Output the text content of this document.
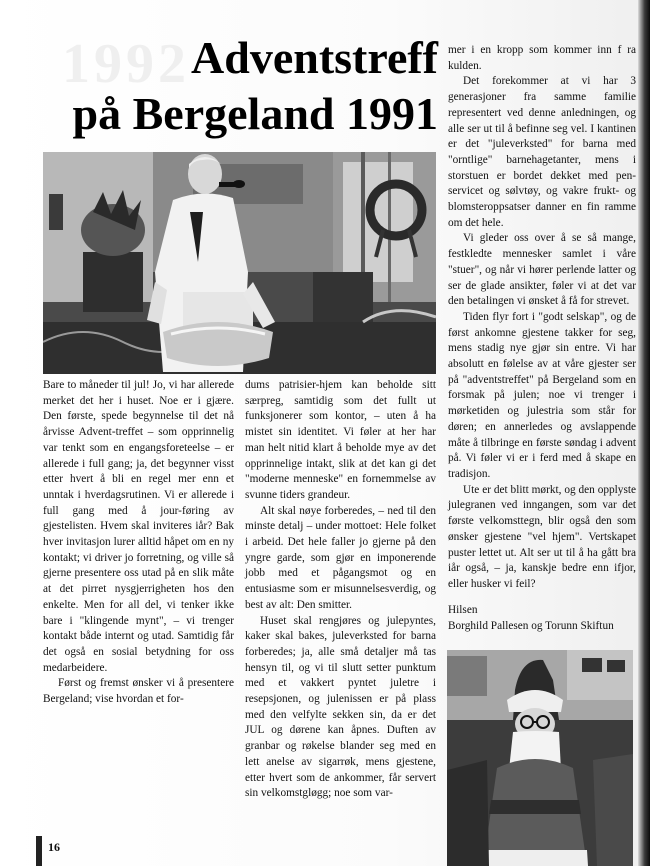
1992 Adventstreff
på Bergeland 1991

Bare to måneder til jul! Jo, vi har allerede merket det her i huset. Noe er i gjære. Den første, spede begynnelse til det nå årvisse Advent-treffet – som opprinnelig var tenkt som en engangsforeteelse – er allerede i full gang; ja, det begynner visst etter hvert å bli en regel mer enn et unntak i hverdagsrutinen. Vi er allerede i full gang med å jour-føring av gjestelisten. Hvem skal inviteres iår? Bak hver invitasjon lurer alltid håpet om en ny kontakt; vi driver jo forretning, og ville så gjerne presentere oss utad på en slik måte at det pirret nysgjerrigheten hos den enkelte. Men for all del, vi tenker ikke bare i "klingende mynt", – vi trenger kontakt både internt og utad. Samtidig får det også en sosial betydning for oss medarbeidere.

Først og fremst ønsker vi å presentere Bergeland; vise hvordan et for-

dums patrisier-hjem kan beholde sitt særpreg, samtidig som det fullt ut funksjonerer som kontor, – uten å ha mistet sin identitet. Vi føler at her har man helt nitid klart å beholde mye av det opprinnelige intakt, slik at det kan gi det "moderne menneske" en fornemmelse av svunne tiders grandeur.

Alt skal nøye forberedes, – ned til den minste detalj – under mottoet: Hele folket i arbeid. Det hele faller jo gjerne på den yngre garde, som gjør en imponerende jobb med et pågangsmot og en entusiasme som er misunnelsesverdig, og best av alt: Den smitter.

Huset skal rengjøres og julepyntes, kaker skal bakes, juleverksted for barna forberedes; ja, alle små detaljer må tas hensyn til, og vi til slutt setter punktum med et vakkert pyntet juletre i resepsjonen, og julenissen er på plass med den velfylte sekken sin, da er det JUL og dørene kan åpnes. Duften av granbar og røkelse blander seg med en lett anelse av sigarrøk, mens gjestene, etter hvert som de ankommer, får servert sin velkomstgløgg; noe som var-

mer i en kropp som kommer inn f ra kulden.

Det forekommer at vi har 3 generasjoner fra samme familie representert ved denne anledningen, og alle ser ut til å befinne seg vel. I kantinen er det "juleverksted" for barna med "orntlige" barnehagetanter, mens i storstuen er bordet dekket med pen-servicet og sølvtøy, og vakre frukt- og blomsteroppsatser danner en fin ramme om det hele.

Vi gleder oss over å se så mange, festkledte mennesker samlet i våre "stuer", og når vi hører perlende latter og ser de glade ansikter, føler vi at det var den betalingen vi ønsket å få for strevet.

Tiden flyr fort i "godt selskap", og de først ankomne gjestene takker for seg, mens stadig nye gjør sin entre. Vi har absolutt en følelse av at våre gjester ser på "adventstreffet" på Bergeland som en forsmak på julen; noe vi trenger i mørketiden og julestria som står for døren; en annerledes og avslappende måte å tilbringe en første søndag i advent på. Vi føler vi er i ferd med å skape en tradisjon.

Ute er det blitt mørkt, og den opplyste julegranen ved inngangen, som var det første velkomsttegn, blir også den som ønsker gjestene "vel hjem". Vertskapet puster lettet ut. Alt ser ut til å ha gått bra iår også, – ja, kanskje bedre enn ifjor, eller husker vi feil?

Hilsen
Borghild Pallesen og Torunn Skiftun
16
